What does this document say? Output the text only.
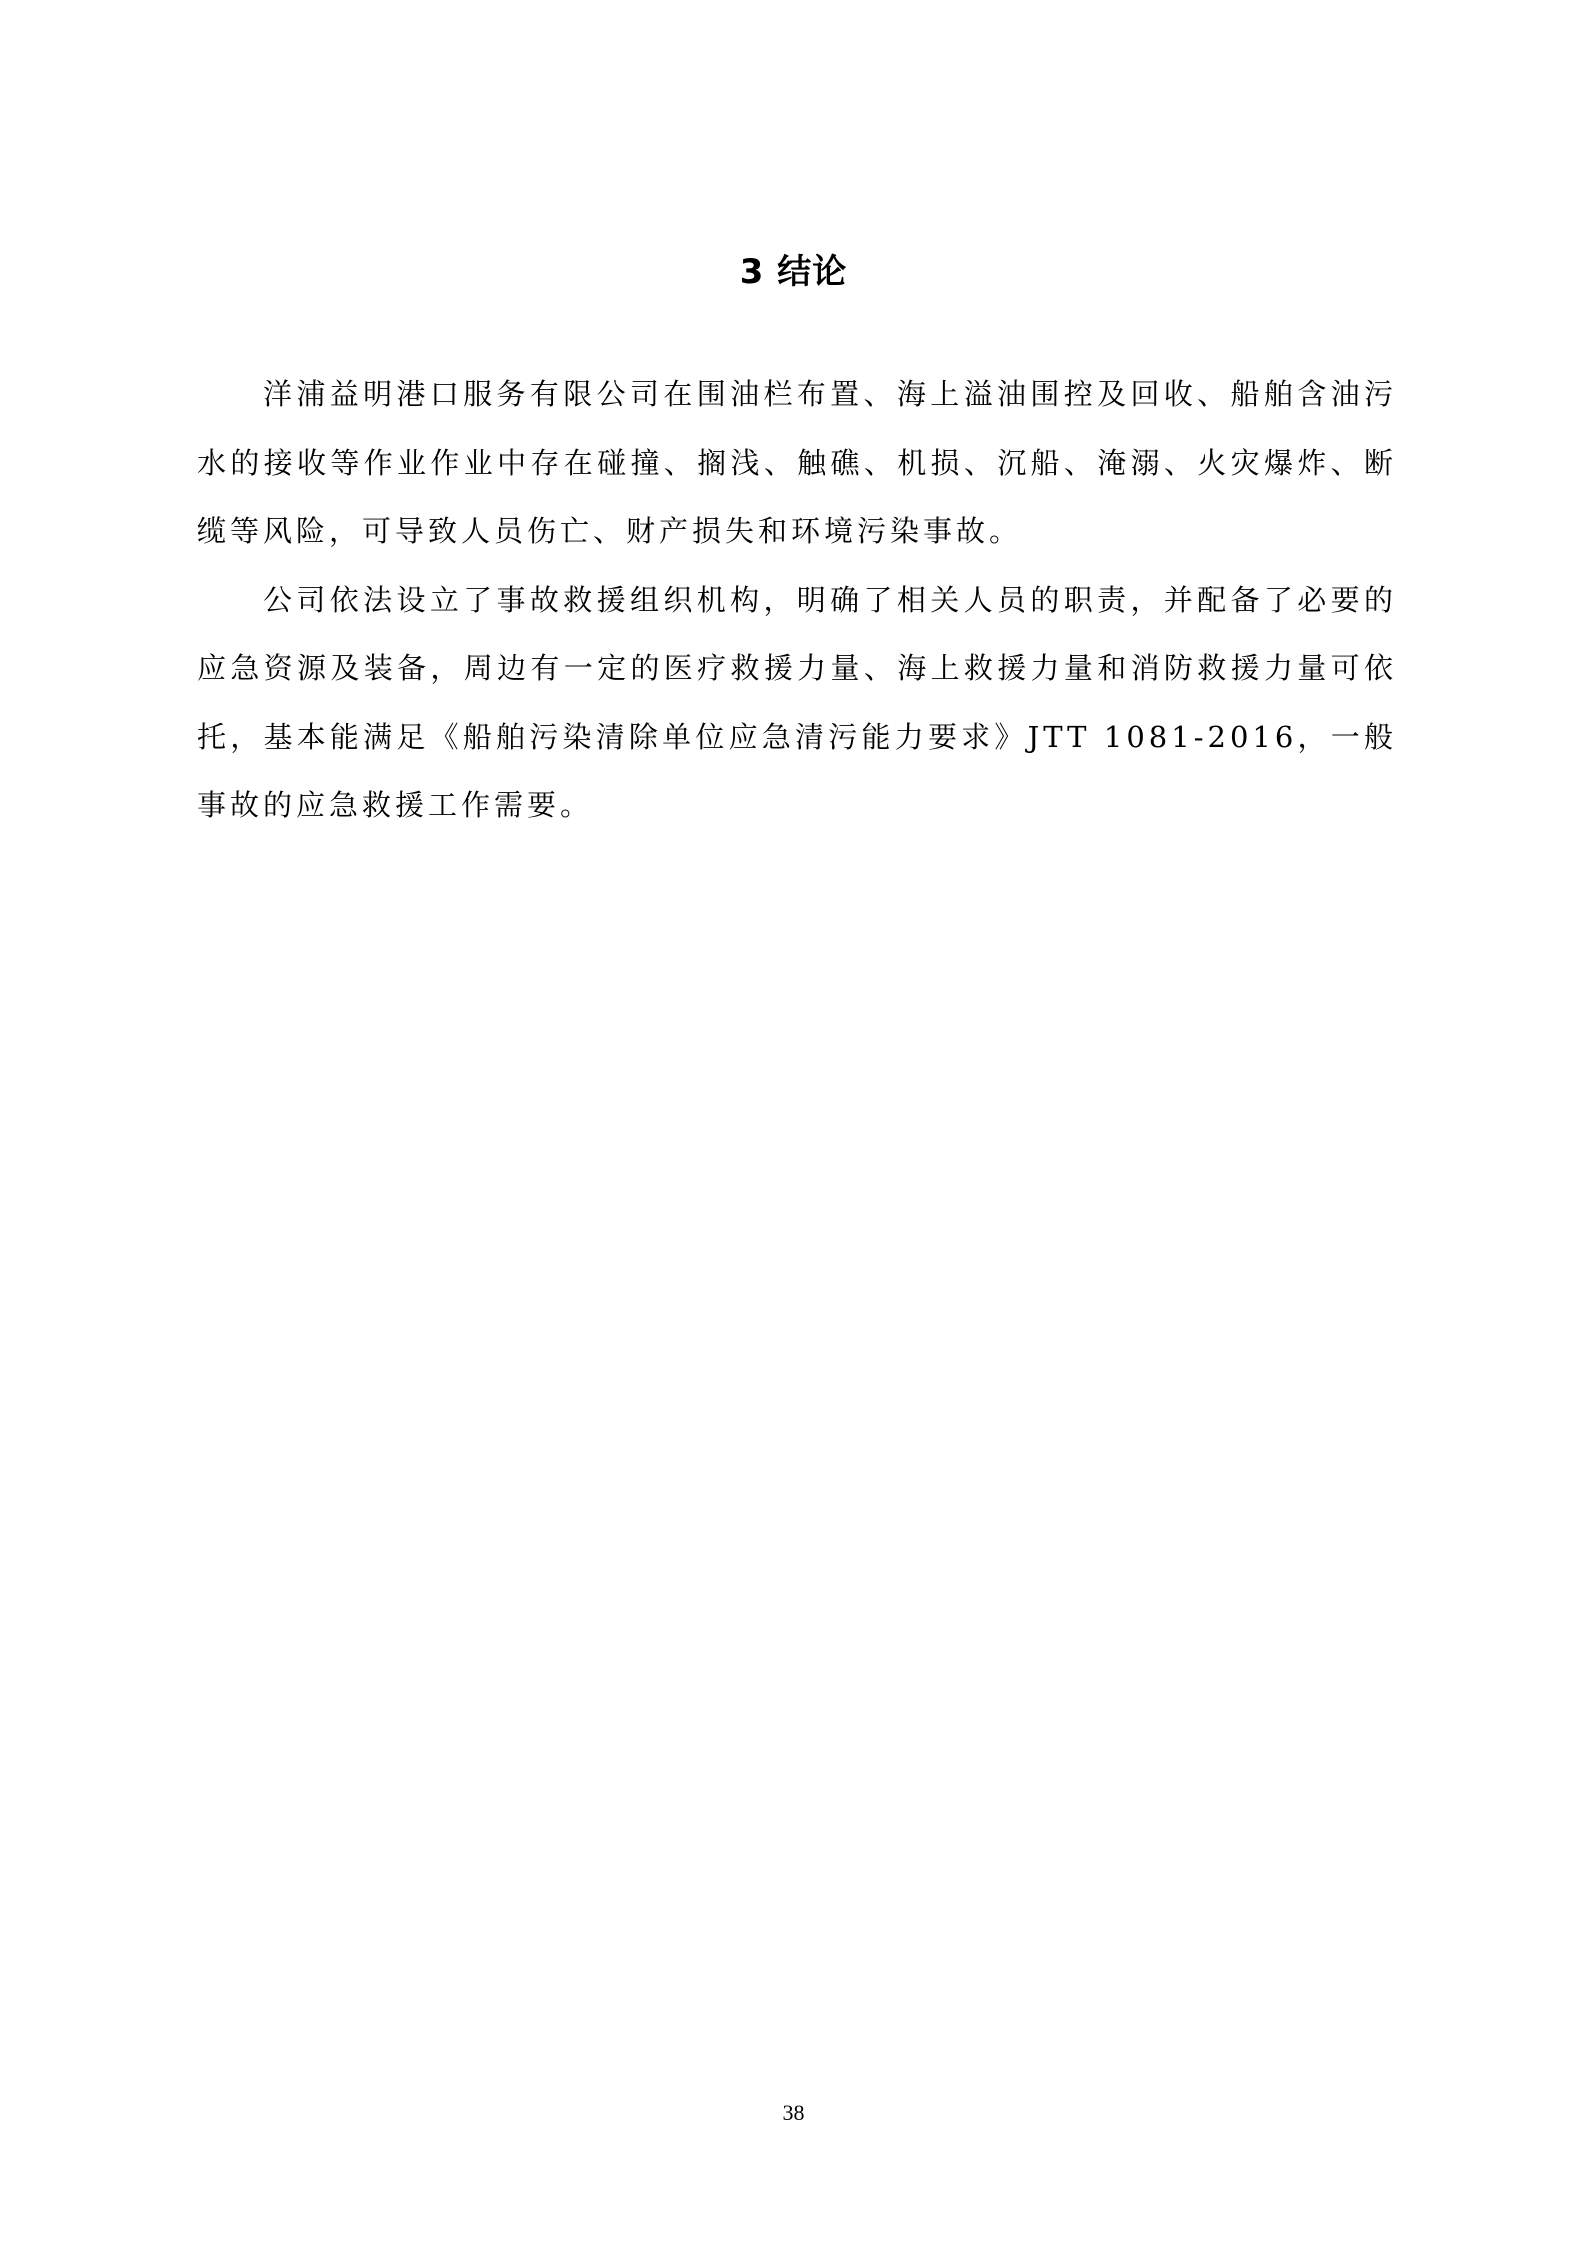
3 结论

洋浦益明港口服务有限公司在围油栏布置、海上溢油围控及回收、船舶含油污水的接收等作业作业中存在碰撞、搁浅、触礁、机损、沉船、淹溺、火灾爆炸、断缆等风险，可导致人员伤亡、财产损失和环境污染事故。

公司依法设立了事故救援组织机构，明确了相关人员的职责，并配备了必要的应急资源及装备，周边有一定的医疗救援力量、海上救援力量和消防救援力量可依托，基本能满足《船舶污染清除单位应急清污能力要求》JTT 1081-2016，一般事故的应急救援工作需要。

38
